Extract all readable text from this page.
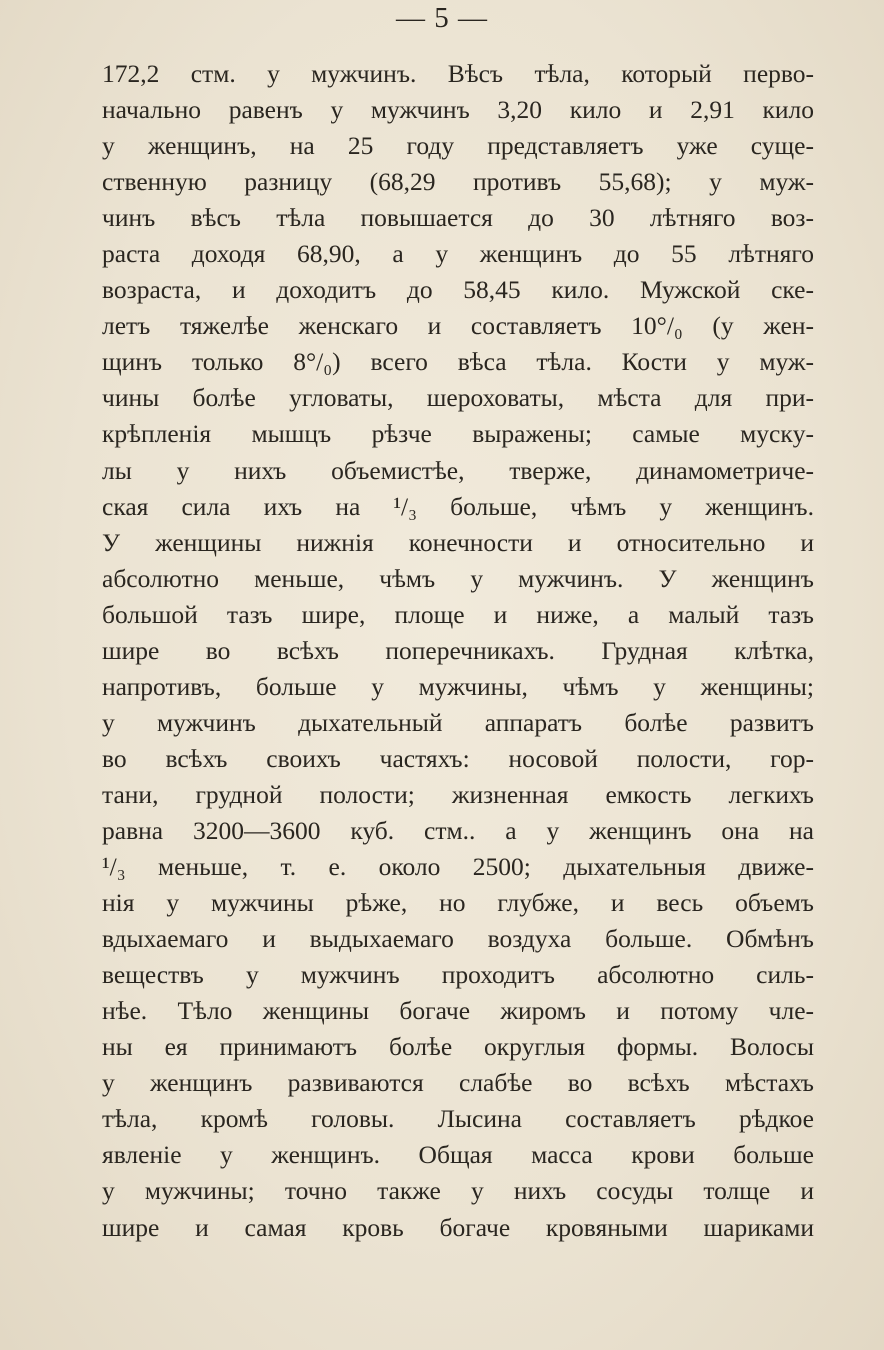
— 5 —
172,2 стм. у мужчинъ. Вѣсъ тѣла, который перво-
начально равенъ у мужчинъ 3,20 кило и 2,91 кило
у женщинъ, на 25 году представляетъ уже суще-
ственную разницу (68,29 противъ 55,68); у муж-
чинъ вѣсъ тѣла повышается до 30 лѣтняго воз-
раста доходя 68,90, а у женщинъ до 55 лѣтняго
возраста, и доходитъ до 58,45 кило. Мужской ске-
летъ тяжелѣе женскаго и составляетъ 10°/₀ (у жен-
щинъ только 8°/₀) всего вѣса тѣла. Кости у муж-
чины болѣе угловаты, шероховаты, мѣста для при-
крѣпленія мышцъ рѣзче выражены; самые мускy-
лы у нихъ объемистѣе, тверже, динамометриче-
ская сила ихъ на ¹/₃ больше, чѣмъ у женщинъ.
У женщины нижнія конечности и относительно и
абсолютно меньше, чѣмъ у мужчинъ. У женщинъ
большой тазъ шире, площе и ниже, а малый тазъ
шире во всѣхъ поперечникахъ. Грудная клѣтка,
напротивъ, больше у мужчины, чѣмъ у женщины;
у мужчинъ дыхательный аппаратъ болѣе развитъ
во всѣхъ своихъ частяхъ: носовой полости, гор-
тани, грудной полости; жизненная емкость легкихъ
равна 3200—3600 куб. стм.. а у женщинъ она на
¹/₃ меньше, т. е. около 2500; дыхательныя движе-
нія у мужчины рѣже, но глубже, и весь объемъ
вдыхаемаго и выдыхаемаго воздуха больше. Обмѣнъ
веществъ у мужчинъ проходитъ абсолютно силь-
нѣе. Тѣло женщины богаче жиромъ и потому чле-
ны ея принимаютъ болѣе округлыя формы. Волосы
у женщинъ развиваются слабѣе во всѣхъ мѣстахъ
тѣла, кромѣ головы. Лысина составляетъ рѣдкое
явленіе у женщинъ. Общая масса крови больше
у мужчины; точно также у нихъ сосуды толще и
шире и самая кровь богаче кровяными шариками
